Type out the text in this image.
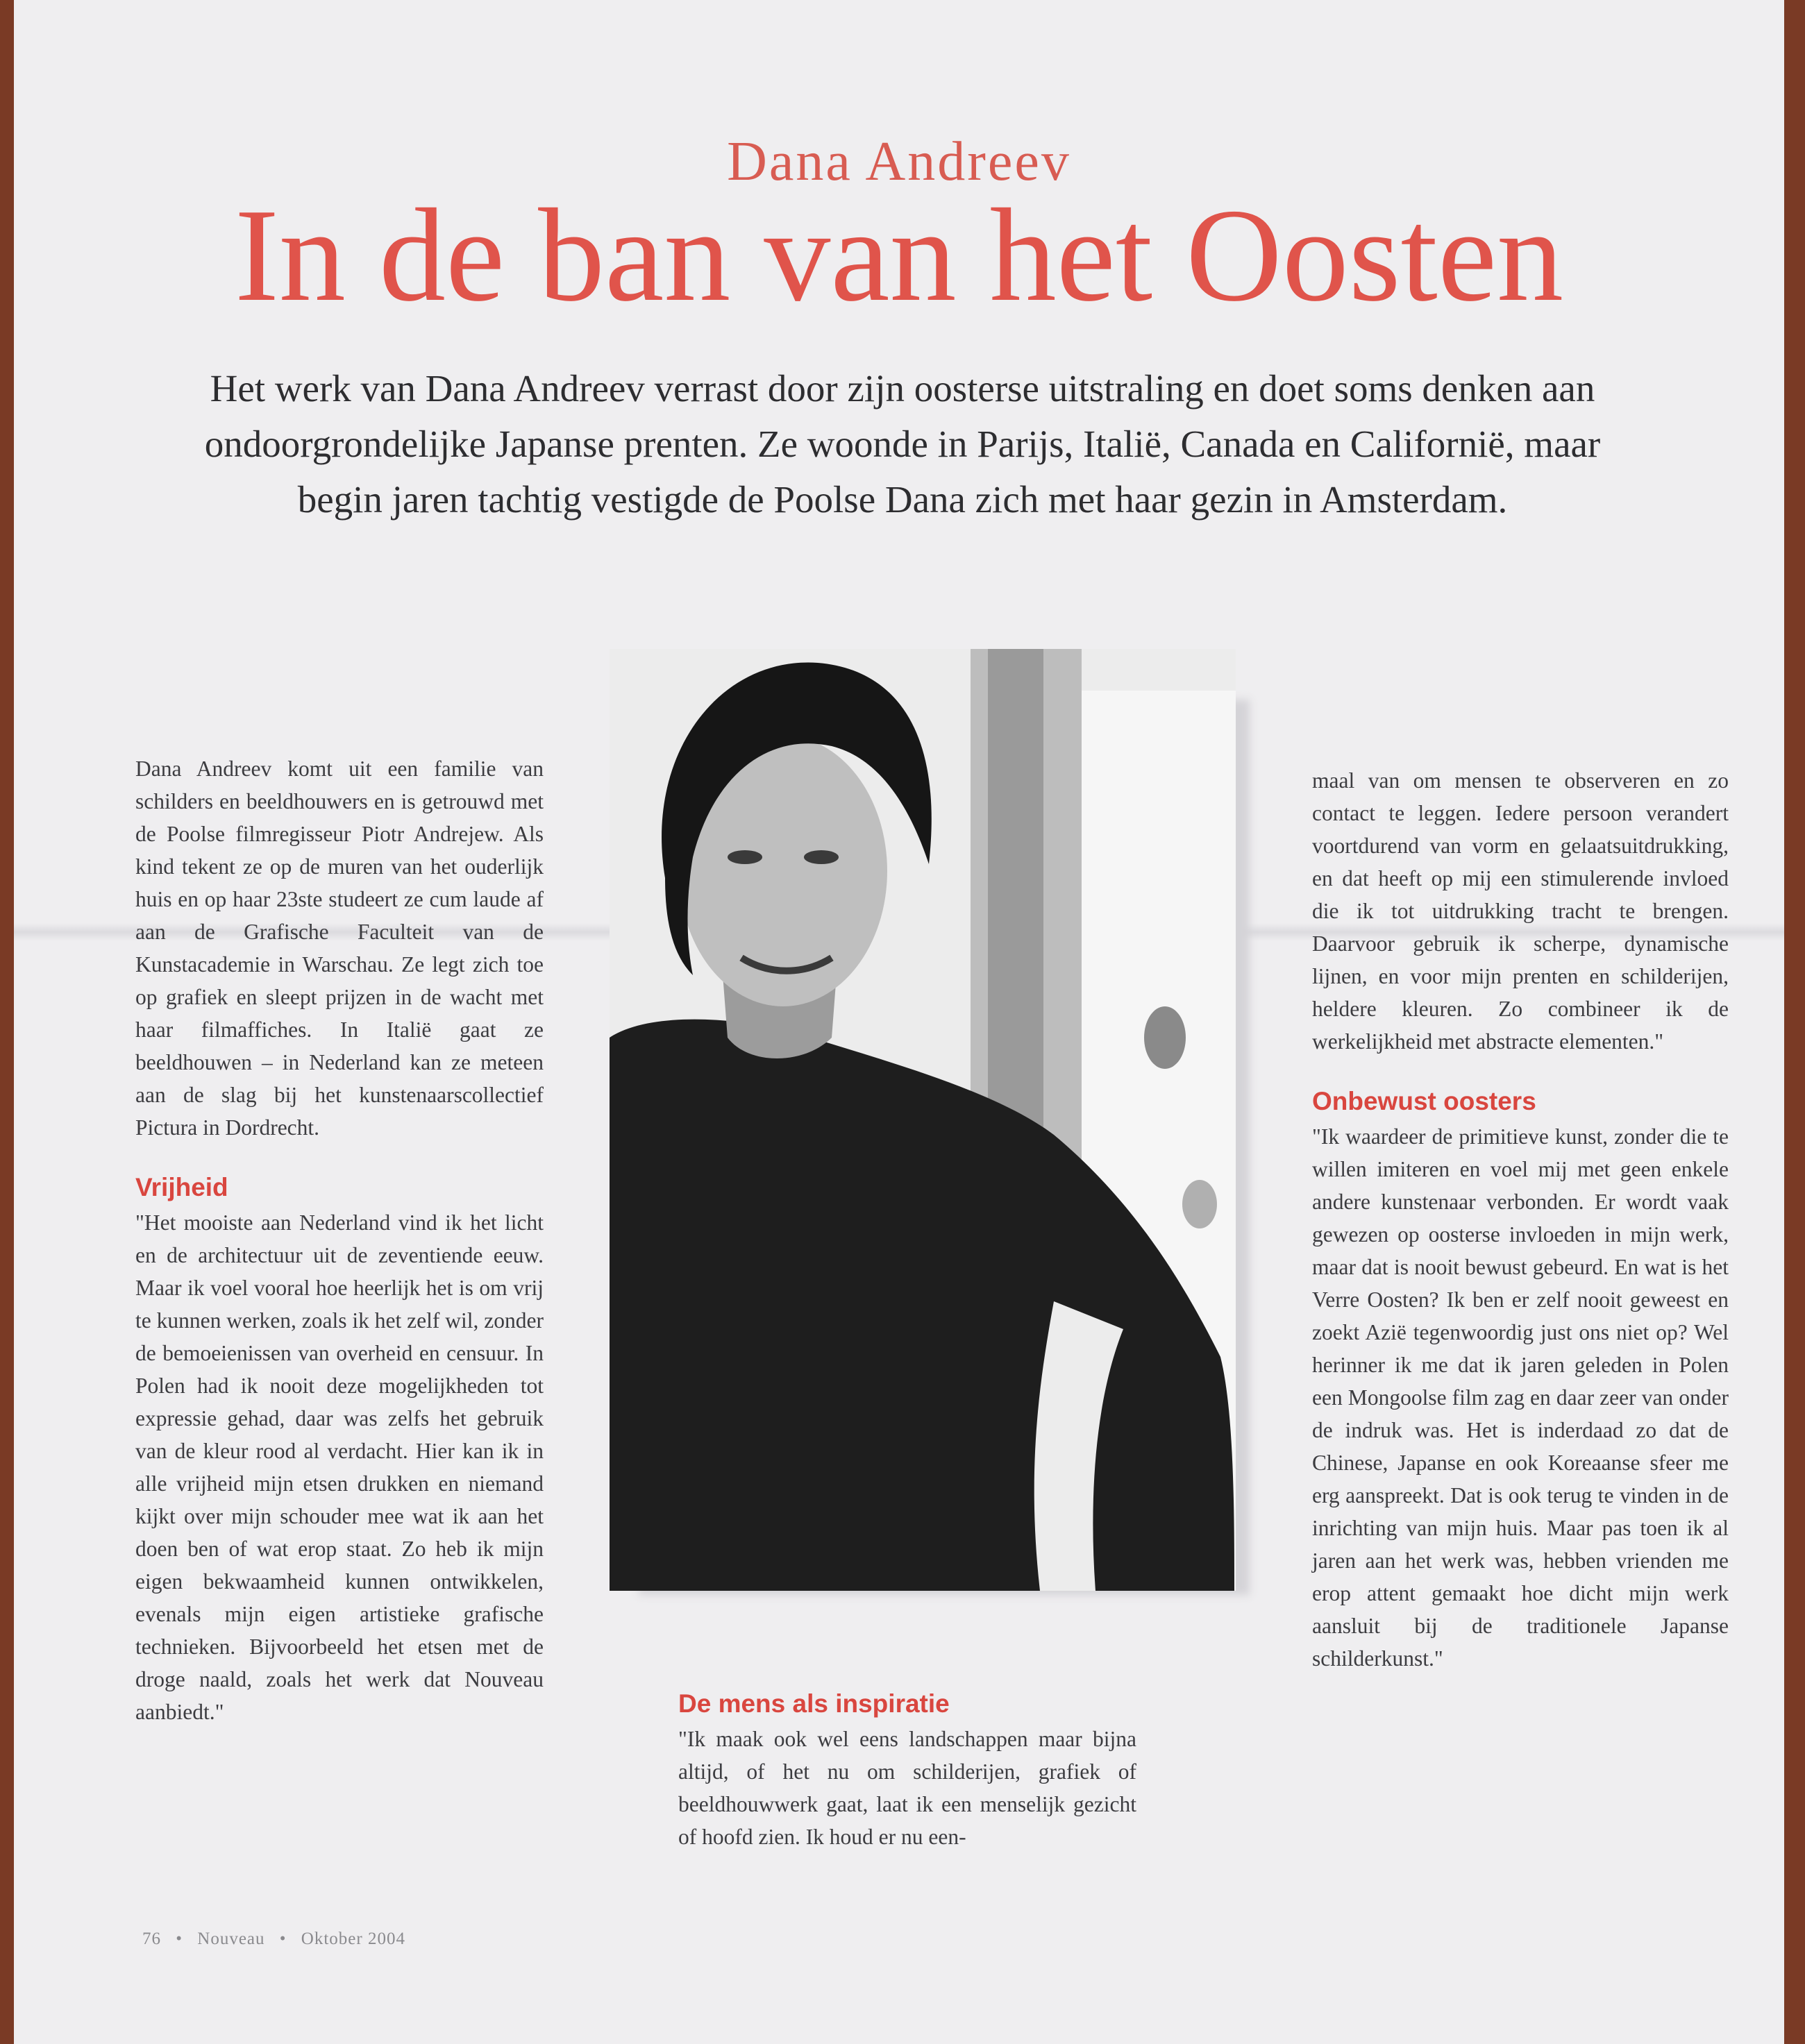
Dana Andreev
In de ban van het Oosten
Het werk van Dana Andreev verrast door zijn oosterse uitstraling en doet soms denken aan ondoorgrondelijke Japanse prenten. Ze woonde in Parijs, Italië, Canada en Californië, maar begin jaren tachtig vestigde de Poolse Dana zich met haar gezin in Amsterdam.

Dana Andreev komt uit een familie van schilders en beeldhouwers en is getrouwd met de Poolse filmregisseur Piotr Andrejew. Als kind tekent ze op de muren van het ouderlijk huis en op haar 23ste studeert ze cum laude af aan de Grafische Faculteit van de Kunstacademie in Warschau. Ze legt zich toe op grafiek en sleept prijzen in de wacht met haar filmaffiches. In Italië gaat ze beeldhouwen – in Nederland kan ze meteen aan de slag bij het kunstenaarscollectief Pictura in Dordrecht.

Vrijheid

"Het mooiste aan Nederland vind ik het licht en de architectuur uit de zeventiende eeuw. Maar ik voel vooral hoe heerlijk het is om vrij te kunnen werken, zoals ik het zelf wil, zonder de bemoeienissen van overheid en censuur. In Polen had ik nooit deze mogelijkheden tot expressie gehad, daar was zelfs het gebruik van de kleur rood al verdacht. Hier kan ik in alle vrijheid mijn etsen drukken en niemand kijkt over mijn schouder mee wat ik aan het doen ben of wat erop staat. Zo heb ik mijn eigen bekwaamheid kunnen ontwikkelen, evenals mijn eigen artistieke grafische technieken. Bijvoorbeeld het etsen met de droge naald, zoals het werk dat Nouveau aanbiedt."	De mens als inspiratie

"Ik maak ook wel eens landschappen maar bijna altijd, of het nu om schilderijen, grafiek of beeldhouwwerk gaat, laat ik een menselijk gezicht of hoofd zien. Ik houd er nu een-

maal van om mensen te observeren en zo contact te leggen. Iedere persoon verandert voortdurend van vorm en gelaatsuitdrukking, en dat heeft op mij een stimulerende invloed die ik tot uitdrukking tracht te brengen. Daarvoor gebruik ik scherpe, dynamische lijnen, en voor mijn prenten en schilderijen, heldere kleuren. Zo combineer ik de werkelijkheid met abstracte elementen."

Onbewust oosters

"Ik waardeer de primitieve kunst, zonder die te willen imiteren en voel mij met geen enkele andere kunstenaar verbonden. Er wordt vaak gewezen op oosterse invloeden in mijn werk, maar dat is nooit bewust gebeurd. En wat is het Verre Oosten? Ik ben er zelf nooit geweest en zoekt Azië tegenwoordig just ons niet op? Wel herinner ik me dat ik jaren geleden in Polen een Mongoolse film zag en daar zeer van onder de indruk was. Het is inderdaad zo dat de Chinese, Japanse en ook Koreaanse sfeer me erg aanspreekt. Dat is ook terug te vinden in de inrichting van mijn huis. Maar pas toen ik al jaren aan het werk was, hebben vrienden me erop attent gemaakt hoe dicht mijn werk aansluit bij de traditionele Japanse schilderkunst."

76 • Nouveau • Oktober 2004
